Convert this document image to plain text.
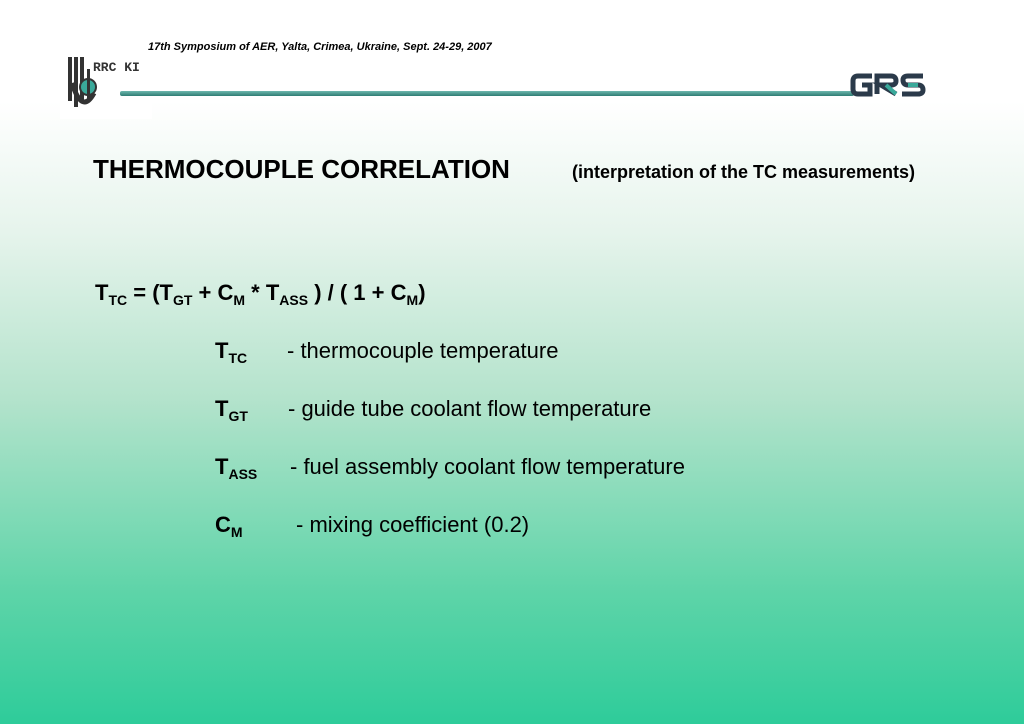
17th Symposium of AER, Yalta, Crimea, Ukraine, Sept. 24-29, 2007
RRC KI
THERMOCOUPLE CORRELATION	(interpretation of the TC measurements)
$T_{TC} = (T_{GT} + C_M * T_{ASS}$ ) / ( $1 + C_M$)
$T_{TC}$ - thermocouple temperature
$T_{GT}$ - guide tube coolant flow temperature
$T_{ASS}$ - fuel assembly coolant flow temperature
$C_M$ - mixing coefficient (0.2)
